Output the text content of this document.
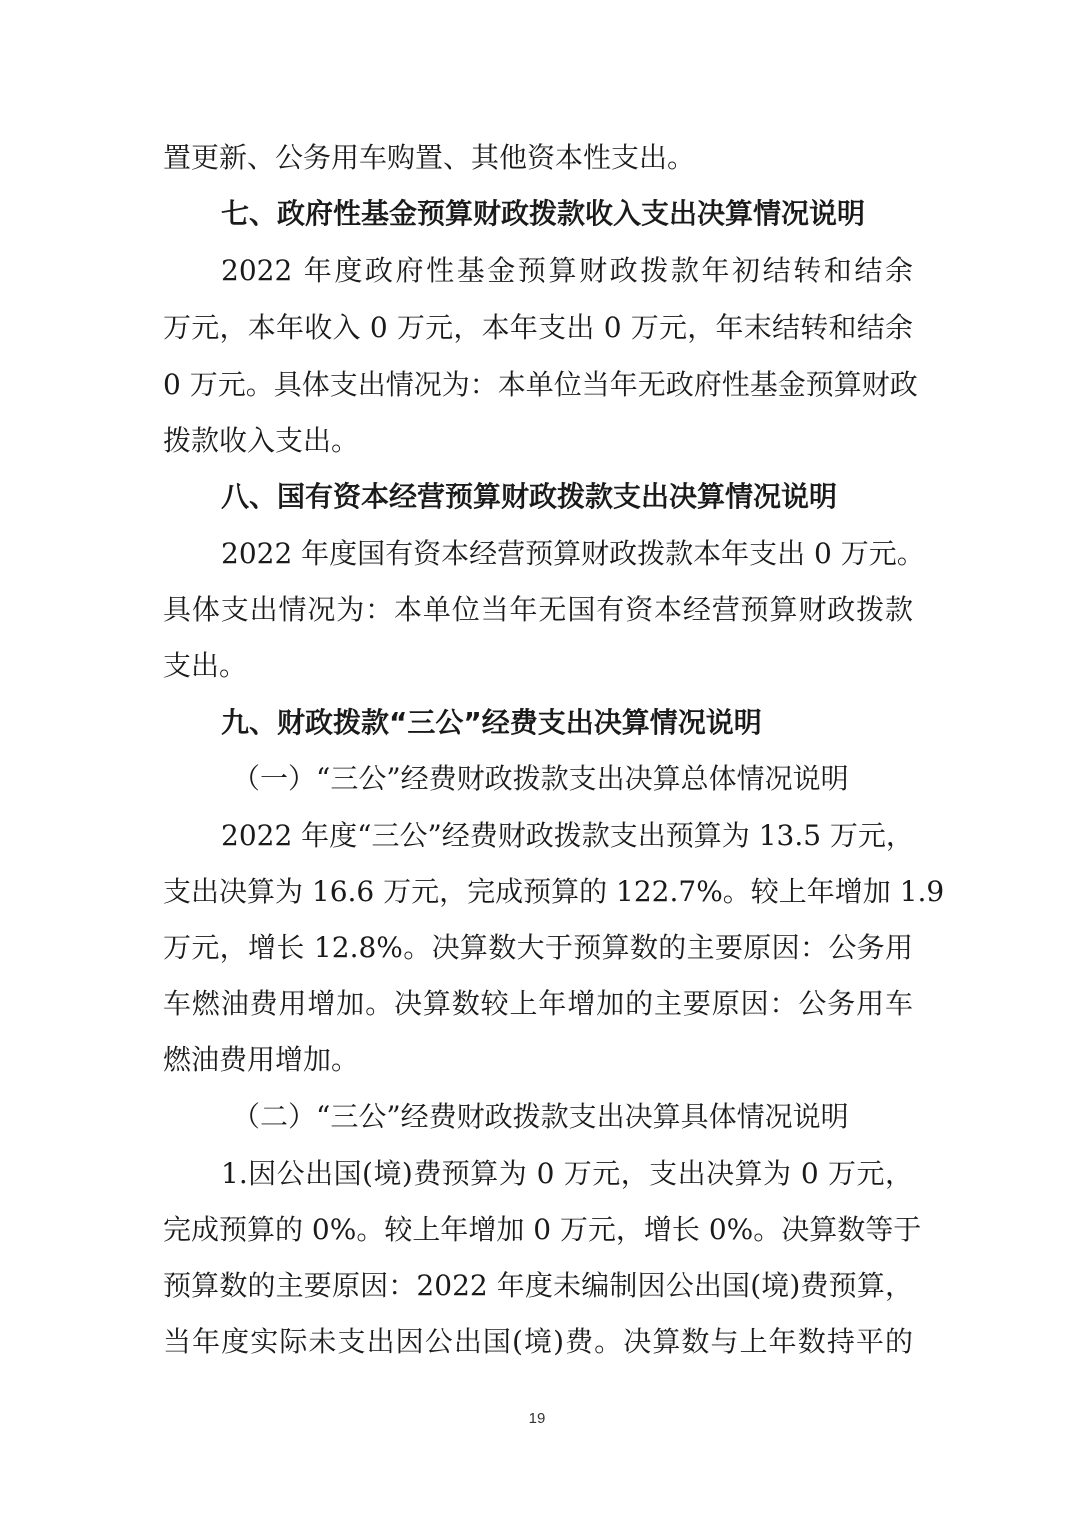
置更新、公务用车购置、其他资本性支出。
七、政府性基金预算财政拨款收入支出决算情况说明
2022 年度政府性基金预算财政拨款年初结转和结余
万元，本年收入 0 万元，本年支出 0 万元，年末结转和结余
0 万元。具体支出情况为：本单位当年无政府性基金预算财政
拨款收入支出。
八、国有资本经营预算财政拨款支出决算情况说明
2022 年度国有资本经营预算财政拨款本年支出 0 万元。
具体支出情况为：本单位当年无国有资本经营预算财政拨款
支出。
九、财政拨款“三公”经费支出决算情况说明
（一）“三公”经费财政拨款支出决算总体情况说明
2022 年度“三公”经费财政拨款支出预算为 13.5 万元，
支出决算为 16.6 万元，完成预算的 122.7%。较上年增加 1.9
万元，增长 12.8%。决算数大于预算数的主要原因：公务用
车燃油费用增加。决算数较上年增加的主要原因：公务用车
燃油费用增加。
（二）“三公”经费财政拨款支出决算具体情况说明
1.因公出国(境)费预算为 0 万元，支出决算为 0 万元，
完成预算的 0%。较上年增加 0 万元，增长 0%。决算数等于
预算数的主要原因：2022 年度未编制因公出国(境)费预算，
当年度实际未支出因公出国(境)费。决算数与上年数持平的
19
